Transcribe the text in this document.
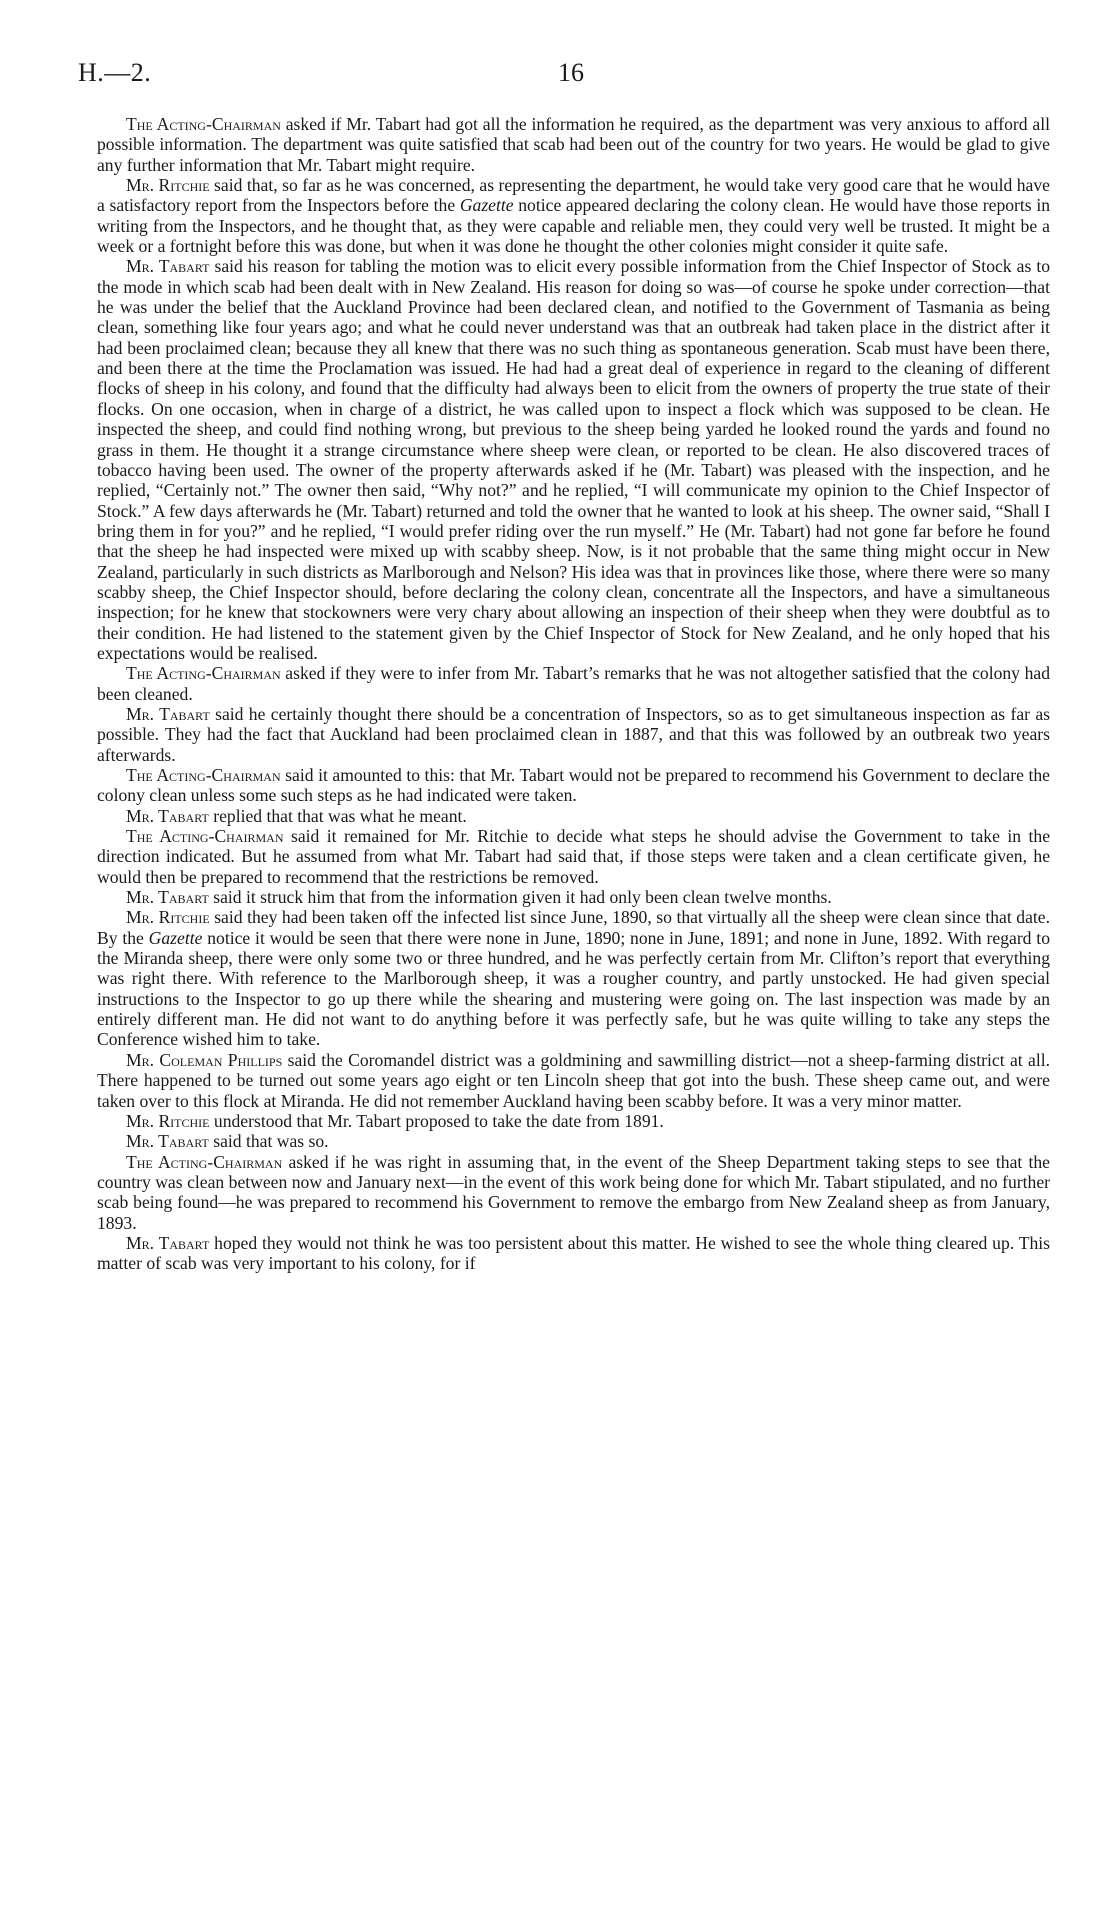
H.—2.	16

The Acting-Chairman asked if Mr. Tabart had got all the information he required, as the department was very anxious to afford all possible information. The department was quite satisfied that scab had been out of the country for two years. He would be glad to give any further information that Mr. Tabart might require.

Mr. Ritchie said that, so far as he was concerned, as representing the department, he would take very good care that he would have a satisfactory report from the Inspectors before the Gazette notice appeared declaring the colony clean. He would have those reports in writing from the Inspectors, and he thought that, as they were capable and reliable men, they could very well be trusted. It might be a week or a fortnight before this was done, but when it was done he thought the other colonies might consider it quite safe.

Mr. Tabart said his reason for tabling the motion was to elicit every possible information from the Chief Inspector of Stock as to the mode in which scab had been dealt with in New Zealand. His reason for doing so was—of course he spoke under correction—that he was under the belief that the Auckland Province had been declared clean, and notified to the Government of Tasmania as being clean, something like four years ago; and what he could never understand was that an outbreak had taken place in the district after it had been proclaimed clean; because they all knew that there was no such thing as spontaneous generation. Scab must have been there, and been there at the time the Proclamation was issued. He had had a great deal of experience in regard to the cleaning of different flocks of sheep in his colony, and found that the difficulty had always been to elicit from the owners of property the true state of their flocks. On one occasion, when in charge of a district, he was called upon to inspect a flock which was supposed to be clean. He inspected the sheep, and could find nothing wrong, but previous to the sheep being yarded he looked round the yards and found no grass in them. He thought it a strange circumstance where sheep were clean, or reported to be clean. He also discovered traces of tobacco having been used. The owner of the property afterwards asked if he (Mr. Tabart) was pleased with the inspection, and he replied, “Certainly not.” The owner then said, “Why not?” and he replied, “I will communicate my opinion to the Chief Inspector of Stock.” A few days afterwards he (Mr. Tabart) returned and told the owner that he wanted to look at his sheep. The owner said, “Shall I bring them in for you?” and he replied, “I would prefer riding over the run myself.” He (Mr. Tabart) had not gone far before he found that the sheep he had inspected were mixed up with scabby sheep. Now, is it not probable that the same thing might occur in New Zealand, particularly in such districts as Marlborough and Nelson? His idea was that in provinces like those, where there were so many scabby sheep, the Chief Inspector should, before declaring the colony clean, concentrate all the Inspectors, and have a simultaneous inspection; for he knew that stockowners were very chary about allowing an inspection of their sheep when they were doubtful as to their condition. He had listened to the statement given by the Chief Inspector of Stock for New Zealand, and he only hoped that his expectations would be realised.

The Acting-Chairman asked if they were to infer from Mr. Tabart’s remarks that he was not altogether satisfied that the colony had been cleaned.

Mr. Tabart said he certainly thought there should be a concentration of Inspectors, so as to get simultaneous inspection as far as possible. They had the fact that Auckland had been proclaimed clean in 1887, and that this was followed by an outbreak two years afterwards.

The Acting-Chairman said it amounted to this: that Mr. Tabart would not be prepared to recommend his Government to declare the colony clean unless some such steps as he had indicated were taken.

Mr. Tabart replied that that was what he meant.

The Acting-Chairman said it remained for Mr. Ritchie to decide what steps he should advise the Government to take in the direction indicated. But he assumed from what Mr. Tabart had said that, if those steps were taken and a clean certificate given, he would then be prepared to recommend that the restrictions be removed.

Mr. Tabart said it struck him that from the information given it had only been clean twelve months.

Mr. Ritchie said they had been taken off the infected list since June, 1890, so that virtually all the sheep were clean since that date. By the Gazette notice it would be seen that there were none in June, 1890; none in June, 1891; and none in June, 1892. With regard to the Miranda sheep, there were only some two or three hundred, and he was perfectly certain from Mr. Clifton’s report that everything was right there. With reference to the Marlborough sheep, it was a rougher country, and partly unstocked. He had given special instructions to the Inspector to go up there while the shearing and mustering were going on. The last inspection was made by an entirely different man. He did not want to do anything before it was perfectly safe, but he was quite willing to take any steps the Conference wished him to take.

Mr. Coleman Phillips said the Coromandel district was a goldmining and sawmilling district—not a sheep-farming district at all. There happened to be turned out some years ago eight or ten Lincoln sheep that got into the bush. These sheep came out, and were taken over to this flock at Miranda. He did not remember Auckland having been scabby before. It was a very minor matter.

Mr. Ritchie understood that Mr. Tabart proposed to take the date from 1891.

Mr. Tabart said that was so.

The Acting-Chairman asked if he was right in assuming that, in the event of the Sheep Department taking steps to see that the country was clean between now and January next—in the event of this work being done for which Mr. Tabart stipulated, and no further scab being found—he was prepared to recommend his Government to remove the embargo from New Zealand sheep as from January, 1893.

Mr. Tabart hoped they would not think he was too persistent about this matter. He wished to see the whole thing cleared up. This matter of scab was very important to his colony, for if
